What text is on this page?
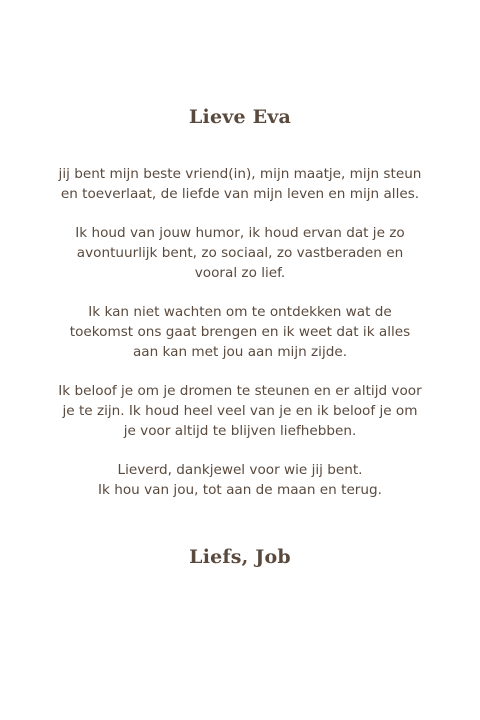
Lieve Eva

jij bent mijn beste vriend(in), mijn maatje, mijn steun en toeverlaat, de liefde van mijn leven en mijn alles.

Ik houd van jouw humor, ik houd ervan dat je zo avontuurlijk bent, zo sociaal, zo vastberaden en vooral zo lief.

Ik kan niet wachten om te ontdekken wat de toekomst ons gaat brengen en ik weet dat ik alles aan kan met jou aan mijn zijde.

Ik beloof je om je dromen te steunen en er altijd voor je te zijn. Ik houd heel veel van je en ik beloof je om je voor altijd te blijven liefhebben.

Lieverd, dankjewel voor wie jij bent.
Ik hou van jou, tot aan de maan en terug.

Liefs, Job
